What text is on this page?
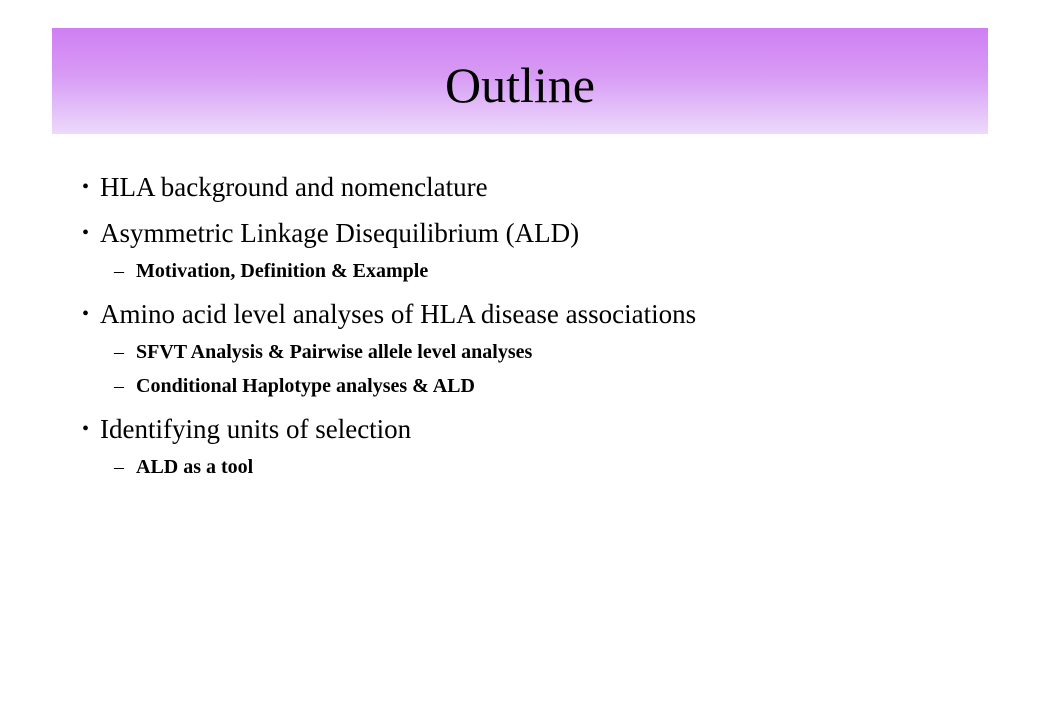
Outline
• HLA background and nomenclature
• Asymmetric Linkage Disequilibrium (ALD)
– Motivation, Definition & Example
• Amino acid level analyses of HLA disease associations
– SFVT Analysis & Pairwise allele level analyses
– Conditional Haplotype analyses & ALD
• Identifying units of selection
– ALD as a tool
